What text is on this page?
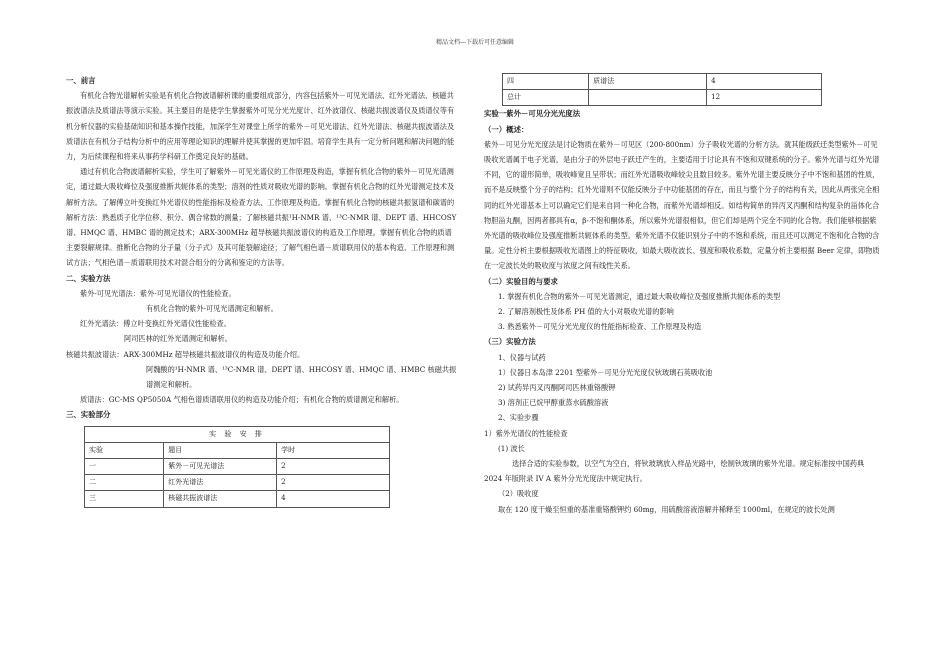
精品文档---下载后可任意编辑

一、前言

有机化合物光谱解析实验是有机化合物波谱解析课的重要组成部分，内容包括紫外－可见光谱法、红外光谱法、核磁共振波谱法及质谱法等演示实验。其主要目的是使学生掌握紫外可见分光光度计、红外波谱仪、核磁共振波谱仪及质谱仪等有机分析仪器的实验基础知识和基本操作技能，加深学生对课堂上所学的紫外－可见光谱法、红外光谱法、核磁共振波谱法及质谱法在有机分子结构分析中的应用等理论知识的理解并使其掌握的更加牢固。培育学生具有一定分析问题和解决问题的能力，为后续课程和将来从事药学科研工作奠定良好的基础。

通过有机化合物波谱解析实验，学生可了解紫外－可见光谱仪的工作原理及构造，掌握有机化合物的紫外－可见光谱测定，通过最大吸收峰位及强度推断共轭体系的类型；溶剂的性质对吸收光谱的影响。掌握有机化合物的红外光谱测定技术及解析方法。了解傅立叶变换红外光谱仪的性能指标及检查方法、工作原理及构造。掌握有机化合物的核磁共振氢谱和碳谱的解析方法：熟悉质子化学位移、积分、偶合常数的测量；了解核磁共振¹H-NMR 谱、¹³C-NMR 谱、DEPT 谱、HHCOSY 谱、HMQC 谱、HMBC 谱的测定技术；ARX-300MHz 超导核磁共振波谱仪的构造及工作原理。掌握有机化合物的质谱主要裂解规律。推断化合物的分子量（分子式）及其可能裂解途径；了解气相色谱－质谱联用仪的基本构造、工作原理和测试方法；气相色谱－质谱联用技术对混合组分的分离和鉴定的方法等。

二、实验方法

紫外-可见光谱法：紫外-可见光谱仪的性能检查。

有机化合物的紫外-可见光谱测定和解析。

红外光谱法：傅立叶变换红外光谱仪性能检查。

阿司匹林的红外光谱测定和解析。

核磁共振波谱法：ARX-300MHz 超导核磁共振波谱仪的构造及功能介绍。

阿魏酸的¹H-NMR 谱、¹³C-NMR 谱、DEPT 谱、HHCOSY 谱、HMQC 谱、HMBC 核磁共振谱测定和解析。

质谱法：GC-MS QP5050A 气相色谱质谱联用仪的构造及功能介绍；有机化合物的质谱测定和解析。

三、实验部分

实 验 安 排		
实验	题目	学时
一	紫外－可见光谱法	2
二	红外光谱法	2
三	核磁共振波谱法	4
四	质谱法	4
总计		12

实验一紫外－可见分光光度法

（一）概述：

紫外－可见分光光度法是讨论物质在紫外－可见区（200-800nm）分子吸收光谱的分析方法。就其能级跃迁类型紫外－可见吸收光谱属于电子光谱，是由分子的外层电子跃迁产生的，主要适用于讨论具有不饱和双键系统的分子。紫外光谱与红外光谱不同，它的谱形简单，吸收峰宽且呈带状；而红外光谱吸收峰较尖且数目较多。紫外光谱主要反映分子中不饱和基团的性质，而不是反映整个分子的结构；红外光谱则不仅能反映分子中功能基团的存在，而且与整个分子的结构有关，因此从两张完全相同的红外光谱基本上可以确定它们是来自同一种化合物，而紫外光谱却相反。如结构简单的异丙叉丙酮和结构复杂的甾体化合物胆甾丸酮，因两者都具有α，β-不饱和酮体系，所以紫外光谱很相似，但它们却是两个完全不同的化合物。我们能够根据紫外光谱的吸收峰位及强度推断共轭体系的类型。紫外光谱不仅能识别分子中的不饱和系统，而且还可以测定不饱和化合物的含量。定性分析主要根据吸收光谱图上的特征吸收，如最大吸收波长、强度和吸收系数，定量分析主要根据 Beer 定律，即物质在一定波长处的吸收度与浓度之间有线性关系。

（二）实验目的与要求

1. 掌握有机化合物的紫外－可见光谱测定，通过最大吸收峰位及强度推断共轭体系的类型

2. 了解溶剂极性及体系 PH 值的大小对吸收光谱的影响

3. 熟悉紫外－可见分光光度仪的性能指标检查、工作原理及构造

（三）实验方法

1、仪器与试药

1）仪器日本岛津 2201 型紫外－可见分光光度仪钬玻璃石英吸收池

2) 试药异丙叉丙酮阿司匹林重铬酸钾

3) 溶剂正已烷甲醇重蒸水硫酸溶液

2、实验步骤

1）紫外光谱仪的性能检查

(1) 波长

选择合适的实验参数，以空气为空白，将钬玻璃放入样品光路中，绘制钬玻璃的紫外光谱。规定标准按中国药典 2024 年版附录 IV A 紫外分光光度法中规定执行。

（2）吸收度

取在 120 度干燥至恒重的基准重铬酸钾约 60mg，用硫酸溶液溶解并稀释至 1000ml，在规定的波长处测
